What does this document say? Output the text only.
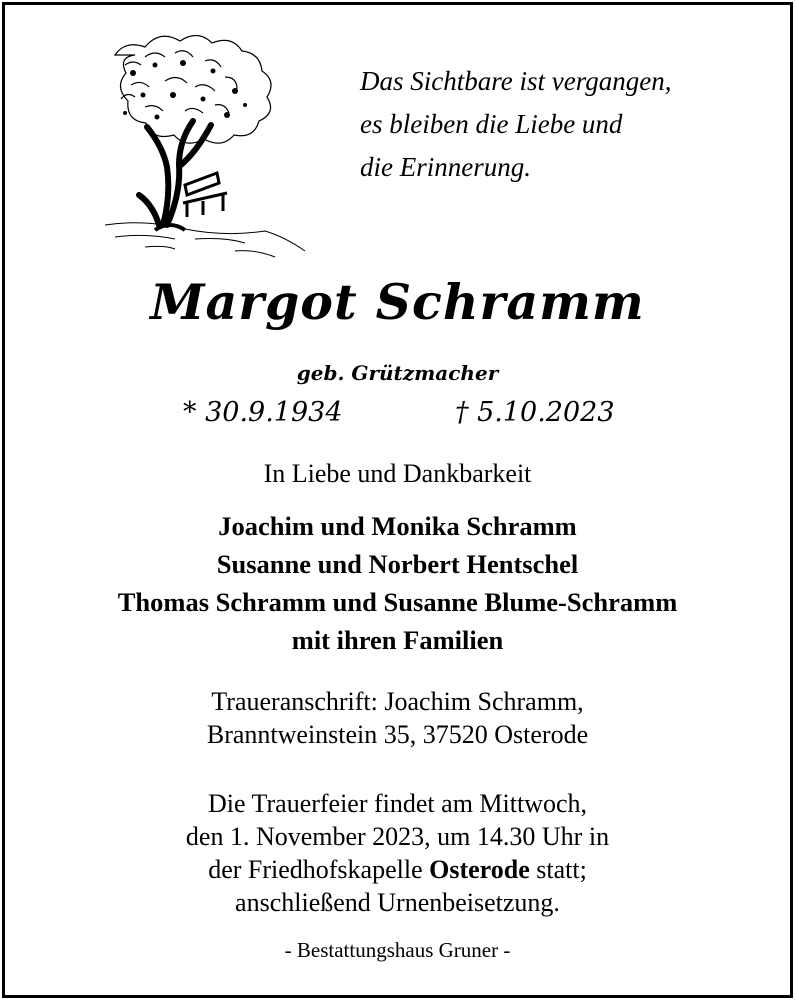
Das Sichtbare ist vergangen,
es bleiben die Liebe und
die Erinnerung.
Margot Schramm
geb. Grützmacher
* 30.9.1934	† 5.10.2023
In Liebe und Dankbarkeit
Joachim und Monika Schramm
Susanne und Norbert Hentschel
Thomas Schramm und Susanne Blume-Schramm
mit ihren Familien
Traueranschrift: Joachim Schramm,
Branntweinstein 35, 37520 Osterode
Die Trauerfeier findet am Mittwoch,
den 1. November 2023, um 14.30 Uhr in
der Friedhofskapelle Osterode statt;
anschließend Urnenbeisetzung.
- Bestattungshaus Gruner -
